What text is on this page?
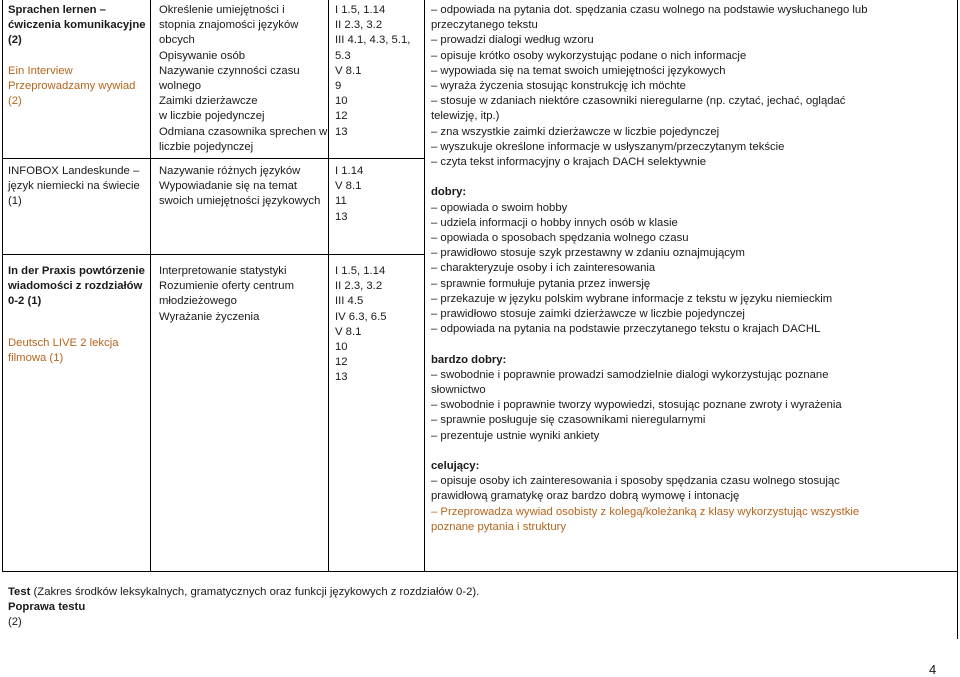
Sprachen lernen –
ćwiczenia komunikacyjne
(2)
Ein Interview
Przeprowadzamy wywiad
(2)
Określenie umiejętności i
stopnia znajomości języków
obcych
Opisywanie osób
Nazywanie czynności czasu
wolnego
Zaimki dzierżawcze
w liczbie pojedynczej
Odmiana czasownika sprechen w
liczbie pojedynczej
I 1.5, 1.14
II 2.3, 3.2
III 4.1, 4.3, 5.1,
5.3
V 8.1
9
10
12
13
INFOBOX Landeskunde –
język niemiecki na świecie
(1)
Nazywanie różnych języków
Wypowiadanie się na temat
swoich umiejętności językowych
I 1.14
V 8.1
11
13
In der Praxis powtórzenie
wiadomości z rozdziałów
0-2 (1)
Deutsch LIVE 2 lekcja
filmowa (1)
Interpretowanie statystyki
Rozumienie oferty centrum
młodzieżowego
Wyrażanie życzenia
I 1.5, 1.14
II 2.3, 3.2
III 4.5
IV 6.3, 6.5
V 8.1
10
12
13
– odpowiada na pytania dot. spędzania czasu wolnego na podstawie wysłuchanego lub
przeczytanego tekstu
– prowadzi dialogi według wzoru
– opisuje krótko osoby wykorzystując podane o nich informacje
– wypowiada się na temat swoich umiejętności językowych
– wyraża życzenia stosując konstrukcję ich möchte
– stosuje w zdaniach niektóre czasowniki nieregularne (np. czytać, jechać, oglądać
telewizję, itp.)
– zna wszystkie zaimki dzierżawcze w liczbie pojedynczej
– wyszukuje określone informacje w usłyszanym/przeczytanym tekście
– czyta tekst informacyjny o krajach DACH selektywnie
dobry:
– opowiada o swoim hobby
– udziela informacji o hobby innych osób w klasie
– opowiada o sposobach spędzania wolnego czasu
– prawidłowo stosuje szyk przestawny w zdaniu oznajmującym
– charakteryzuje osoby i ich zainteresowania
– sprawnie formułuje pytania przez inwersję
– przekazuje w języku polskim wybrane informacje z tekstu w języku niemieckim
– prawidłowo stosuje zaimki dzierżawcze w liczbie pojedynczej
– odpowiada na pytania na podstawie przeczytanego tekstu o krajach DACHL
bardzo dobry:
– swobodnie i poprawnie prowadzi samodzielnie dialogi wykorzystując poznane
słownictwo
– swobodnie i poprawnie tworzy wypowiedzi, stosując poznane zwroty i wyrażenia
– sprawnie posługuje się czasownikami nieregularnymi
– prezentuje ustnie wyniki ankiety
celujący:
– opisuje osoby ich zainteresowania i sposoby spędzania czasu wolnego stosując
prawidłową gramatykę oraz bardzo dobrą wymowę i intonację
– Przeprowadza wywiad osobisty z kolegą/koleżanką z klasy wykorzystując wszystkie
poznane pytania i struktury
Test (Zakres środków leksykalnych, gramatycznych oraz funkcji językowych z rozdziałów 0-2).
Poprawa testu
(2)
4
